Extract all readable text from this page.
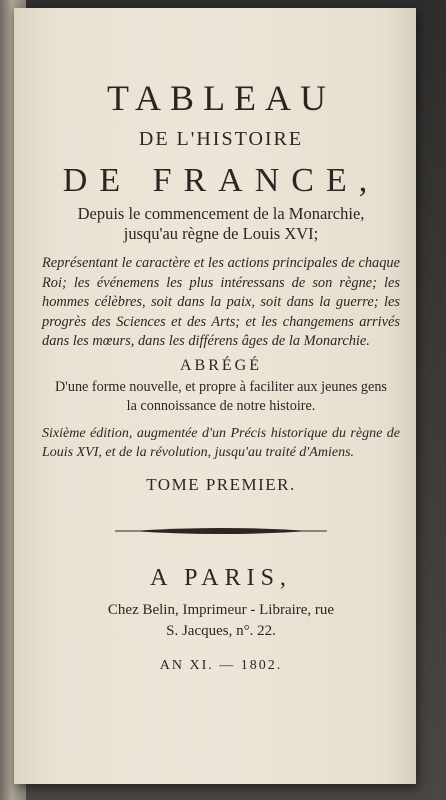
TABLEAU
DE L'HISTOIRE
DE FRANCE,
Depuis le commencement de la Monarchie,
jusqu'au règne de Louis XVI;
Représentant le caractère et les actions principales de chaque Roi; les événemens les plus intéressans de son règne; les hommes célèbres, soit dans la paix, soit dans la guerre; les progrès des Sciences et des Arts; et les changemens arrivés dans les mœurs, dans les différens âges de la Monarchie.
ABRÉGÉ
D'une forme nouvelle, et propre à faciliter aux jeunes gens
la connoissance de notre histoire.
Sixième édition, augmentée d'un Précis historique du règne de Louis XVI, et de la révolution, jusqu'au traité d'Amiens.
TOME PREMIER.
A PARIS,
Chez Belin, Imprimeur - Libraire, rue
S. Jacques, n°. 22.
AN XI. — 1802.
